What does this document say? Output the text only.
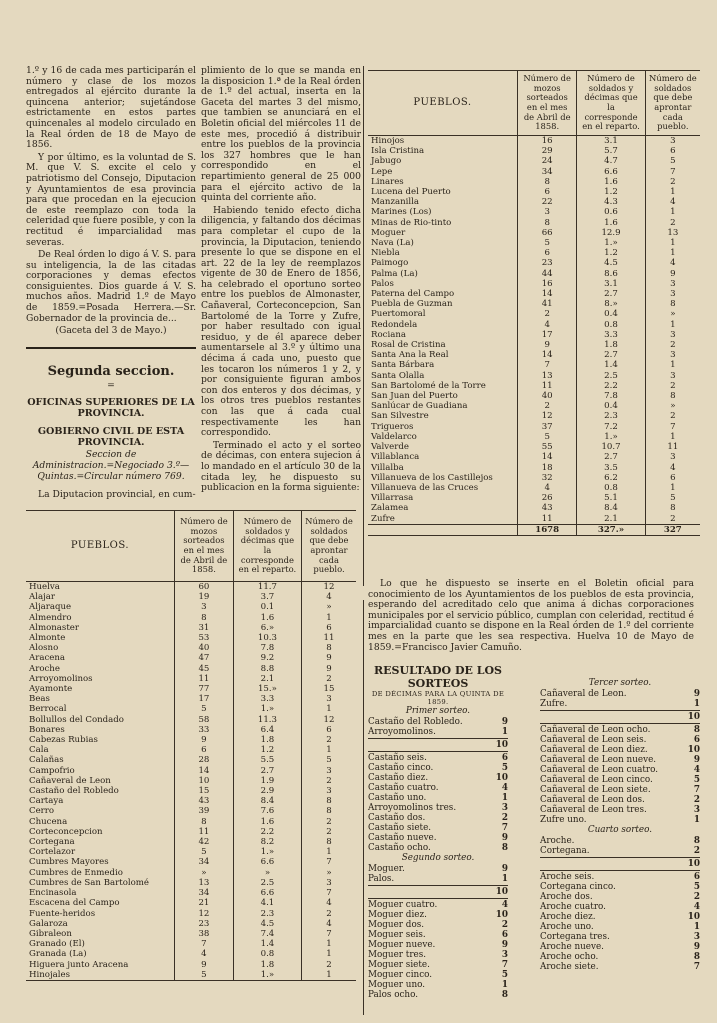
1.º y 16 de cada mes participarán el número y clase de los mozos entregados al ejército durante la quincena anterior; sujetándose estrictamente en estos partes quincenales al modelo circulado en la Real órden de 18 de Mayo de 1856.

Y por último, es la voluntad de S. M. que V. S. excite el celo y patriotismo del Consejo, Diputacion y Ayuntamientos de esa provincia para que procedan en la ejecucion de este reemplazo con toda la celeridad que fuere posible, y con la rectitud é imparcialidad mas severas.

De Real órden lo digo á V. S. para su inteligencia, la de las citadas corporaciones y demas efectos consiguientes. Dios guarde á V. S. muchos años. Madrid 1.º de Mayo de 1859.=Posada Herrera.—Sr. Gobernador de la provincia de...

(Gaceta del 3 de Mayo.)
Segunda seccion.
=
OFICINAS SUPERIORES DE LA PROVINCIA.
GOBIERNO CIVIL DE ESTA PROVINCIA.
Seccion de Administracion.=Negociado 3.º—Quintas.=Circular número 769.

La Diputacion provincial, en cum-

plimiento de lo que se manda en la disposicion 1.ª de la Real órden de 1.º del actual, inserta en la Gaceta del martes 3 del mismo, que tambien se anunciará en el Boletin oficial del miércoles 11 de este mes, procedió á distribuir entre los pueblos de la provincia los 327 hombres que le han correspondido en el repartimiento general de 25 000 para el ejército activo de la quinta del corriente año.

Habiendo tenido efecto dicha diligencia, y faltando dos décimas para completar el cupo de la provincia, la Diputacion, teniendo presente lo que se dispone en el art. 22 de la ley de reemplazos vigente de 30 de Enero de 1856, ha celebrado el oportuno sorteo entre los pueblos de Almonaster, Cañaveral, Corteconcepcion, San Bartolomé de la Torre y Zufre, por haber resultado con igual residuo, y de él aparece deber aumentarsele al 3.º y último una décima á cada uno, puesto que les tocaron los números 1 y 2, y por consiguiente figuran ambos con dos enteros y dos décimas, y los otros tres pueblos restantes con las que á cada cual respectivamente les han correspondido.

Terminado el acto y el sorteo de décimas, con entera sujecion á lo mandado en el artículo 30 de la citada ley, he dispuesto su publicacion en la forma siguiente:

PUEBLOS.	Número de mozos sorteados en el mes de Abril de 1858.	Número de soldados y décimas que la corresponde en el reparto.	Número de soldados que debe aprontar cada pueblo.
Huelva	60	11.7	12
Alajar	19	3.7	4
Aljaraque	3	0.1	»
Almendro	8	1.6	1
Almonaster	31	6.»	6
Almonte	53	10.3	11
Alosno	40	7.8	8
Aracena	47	9.2	9
Aroche	45	8.8	9
Arroyomolinos	11	2.1	2
Ayamonte	77	15.»	15
Beas	17	3.3	3
Berrocal	5	1.»	1
Bollullos del Condado	58	11.3	12
Bonares	33	6.4	6
Cabezas Rubias	9	1.8	2
Cala	6	1.2	1
Calañas	28	5.5	5
Campofrio	14	2.7	3
Cañaveral de Leon	10	1.9	2
Castaño del Robledo	15	2.9	3
Cartaya	43	8.4	8
Cerro	39	7.6	8
Chucena	8	1.6	2
Corteconcepcion	11	2.2	2
Cortegana	42	8.2	8
Cortelazor	5	1.»	1
Cumbres Mayores	34	6.6	7
Cumbres de Enmedio	»	»	»
Cumbres de San Bartolomé	13	2.5	3
Encinasola	34	6.6	7
Escacena del Campo	21	4.1	4
Fuente-heridos	12	2.3	2
Galaroza	23	4.5	4
Gibraleon	38	7.4	7
Granado (El)	7	1.4	1
Granada (La)	4	0.8	1
Higuera junto Aracena	9	1.8	2
Hinojales	5	1.»	1
PUEBLOS.	Número de mozos sorteados en el mes de Abril de 1858.	Número de soldados y décimas que la corresponde en el reparto.	Número de soldados que debe aprontar cada pueblo.
Hinojos	16	3.1	3
Isla Cristina	29	5.7	6
Jabugo	24	4.7	5
Lepe	34	6.6	7
Linares	8	1.6	2
Lucena del Puerto	6	1.2	1
Manzanilla	22	4.3	4
Marines (Los)	3	0.6	1
Minas de Rio-tinto	8	1.6	2
Moguer	66	12.9	13
Nava (La)	5	1.»	1
Niebla	6	1.2	1
Paimogo	23	4.5	4
Palma (La)	44	8.6	9
Palos	16	3.1	3
Paterna del Campo	14	2.7	3
Puebla de Guzman	41	8.»	8
Puertomoral	2	0.4	»
Redondela	4	0.8	1
Rociana	17	3.3	3
Rosal de Cristina	9	1.8	2
Santa Ana la Real	14	2.7	3
Santa Bárbara	7	1.4	1
Santa Olalla	13	2.5	3
San Bartolomé de la Torre	11	2.2	2
San Juan del Puerto	40	7.8	8
Sanlúcar de Guadiana	2	0.4	»
San Silvestre	12	2.3	2
Trigueros	37	7.2	7
Valdelarco	5	1.»	1
Valverde	55	10.7	11
Villablanca	14	2.7	3
Villalba	18	3.5	4
Villanueva de los Castillejos	32	6.2	6
Villanueva de las Cruces	4	0.8	1
Villarrasa	26	5.1	5
Zalamea	43	8.4	8
Zufre	11	2.1	2
	1678	327.»	327

Lo que he dispuesto se inserte en el Boletin oficial para conocimiento de los Ayuntamientos de los pueblos de esta provincia, esperando del acreditado celo que anima á dichas corporaciones municipales por el servicio público, cumplan con celeridad, rectitud é imparcialidad cuanto se dispone en la Real órden de 1.º del corriente mes en la parte que les sea respectiva. Huelva 10 de Mayo de 1859.=Francisco Javier Camuño.

RESULTADO DE LOS SORTEOS
DE DÉCIMAS PARA LA QUINTA DE 1859.
Primer sorteo.
Castaño del Robledo.	9
Arroyomolinos.	1
10
Castaño seis.	6
Castaño cinco.	5
Castaño diez.	10
Castaño cuatro.	4
Castaño uno.	1
Arroyomolinos tres.	3
Castaño dos.	2
Castaño siete.	7
Castaño nueve.	9
Castaño ocho.	8
Segundo sorteo.
Moguer.	9
Palos.	1
10
Moguer cuatro.	4
Moguer diez.	10
Moguer dos.	2
Moguer seis.	6
Moguer nueve.	9
Moguer tres.	3
Moguer siete.	7
Moguer cinco.	5
Moguer uno.	1
Palos ocho.	8
Tercer sorteo.
Cañaveral de Leon.	9
Zufre.	1
10
Cañaveral de Leon ocho.	8
Cañaveral de Leon seis.	6
Cañaveral de Leon diez.	10
Cañaveral de Leon nueve.	9
Cañaveral de Leon cuatro.	4
Cañaveral de Leon cinco.	5
Cañaveral de Leon siete.	7
Cañaveral de Leon dos.	2
Cañaveral de Leon tres.	3
Zufre uno.	1
Cuarto sorteo.
Aroche.	8
Cortegana.	2
10
Aroche seis.	6
Cortegana cinco.	5
Aroche dos.	2
Aroche cuatro.	4
Aroche diez.	10
Aroche uno.	1
Cortegana tres.	3
Aroche nueve.	9
Aroche ocho.	8
Aroche siete.	7
